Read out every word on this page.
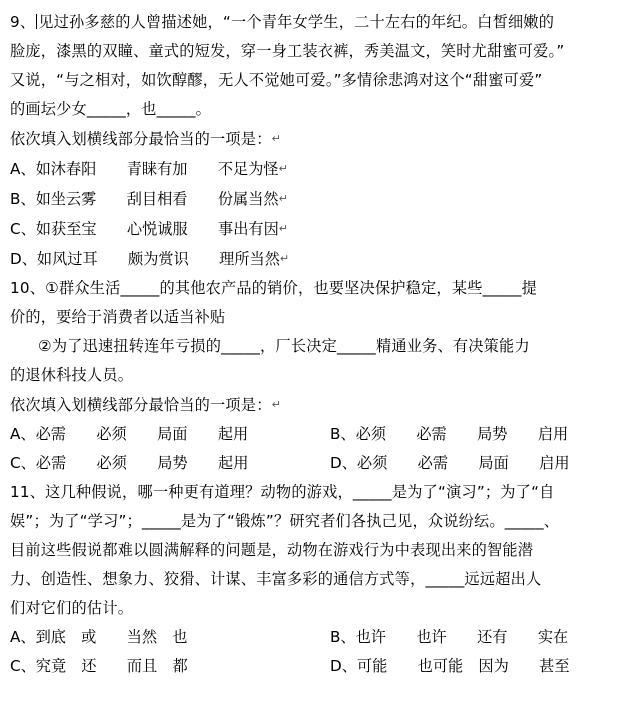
9、 见过孙多慈的人曾描述她，“一个青年女学生，二十左右的年纪。白皙细嫩的
脸庞，漆黑的双瞳、童式的短发，穿一身工装衣裤，秀美温文，笑时尤甜蜜可爱。”
又说，“与之相对，如饮醇醪，无人不觉她可爱。”多情徐悲鸿对这个“甜蜜可爱”
的画坛少女_____，也_____。
依次填入划横线部分最恰当的一项是：↵
A、如沐春阳　　青睐有加　　不足为怪↵
B、如坐云雾　　刮目相看　　份属当然↵
C、如获至宝　　心悦诚服　　事出有因↵
D、如风过耳　　颇为赏识　　理所当然↵
10、①群众生活_____的其他农产品的销价，也要坚决保护稳定，某些_____提
价的，要给于消费者以适当补贴
②为了迅速扭转连年亏损的_____，厂长决定_____精通业务、有决策能力
的退休科技人员。
依次填入划横线部分最恰当的一项是：↵
A、必需　　必须　　局面　　起用	B、必须　　必需　　局势　　启用
C、必需　　必须　　局势　　起用	D、必须　　必需　　局面　　启用
11、这几种假说，哪一种更有道理？动物的游戏，_____是为了“演习”；为了“自
娱”；为了“学习”；_____是为了“锻炼”？研究者们各执己见，众说纷纭。_____、
目前这些假说都难以圆满解释的问题是，动物在游戏行为中表现出来的智能潜
力、创造性、想象力、狡猾、计谋、丰富多彩的通信方式等，_____远远超出人
们对它们的估计。
A、到底　或　　当然　也	B、也许　　也许　　还有　　实在
C、究竟　还　　而且　都	D、可能　　也可能　因为　　甚至
